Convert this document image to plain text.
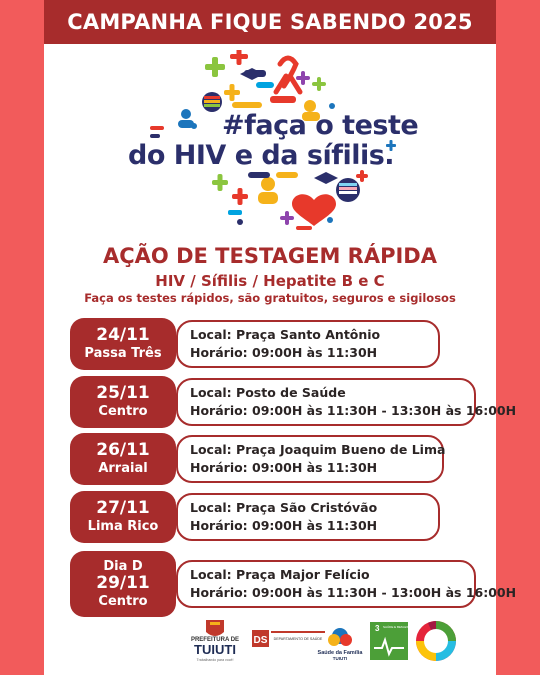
CAMPANHA FIQUE SABENDO 2025
#faça o teste
do HIV e da sífilis.
AÇÃO DE TESTAGEM RÁPIDA
HIV / Sífilis / Hepatite B e C
Faça os testes rápidos, são gratuitos, seguros e sigilosos
24/11
Passa Três
Local: Praça Santo Antônio
Horário: 09:00H às 11:30H
25/11
Centro
Local: Posto de Saúde
Horário: 09:00H às 11:30H - 13:30H às 16:00H
26/11
Arraial
Local: Praça Joaquim Bueno de Lima
Horário: 09:00H às 11:30H
27/11
Lima Rico
Local: Praça São Cristóvão
Horário: 09:00H às 11:30H
Dia D
29/11
Centro
Local: Praça Major Felício
Horário: 09:00H às 11:30H - 13:00H às 16:00H
PREFEITURA DE
TUIUTI
Trabalhando para você!
DS DEPARTAMENTO DE SAÚDE
Saúde da Família
TUIUTI
3 SAÚDE E BEM-ESTAR
